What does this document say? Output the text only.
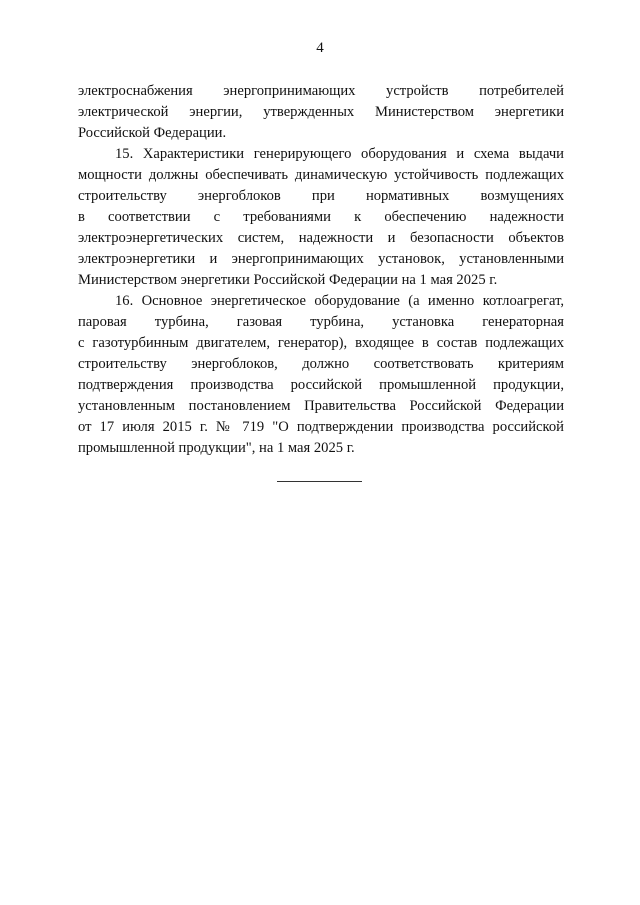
4
электроснабжения энергопринимающих устройств потребителей
электрической энергии, утвержденных Министерством энергетики
Российской Федерации.
15. Характеристики генерирующего оборудования и схема выдачи
мощности должны обеспечивать динамическую устойчивость подлежащих
строительству энергоблоков при нормативных возмущениях
в соответствии с требованиями к обеспечению надежности
электроэнергетических систем, надежности и безопасности объектов
электроэнергетики и энергопринимающих установок, установленными
Министерством энергетики Российской Федерации на 1 мая 2025 г.
16. Основное энергетическое оборудование (а именно котлоагрегат,
паровая турбина, газовая турбина, установка генераторная
с газотурбинным двигателем, генератор), входящее в состав подлежащих
строительству энергоблоков, должно соответствовать критериям
подтверждения производства российской промышленной продукции,
установленным постановлением Правительства Российской Федерации
от 17 июля 2015 г. № 719 "О подтверждении производства российской
промышленной продукции", на 1 мая 2025 г.
